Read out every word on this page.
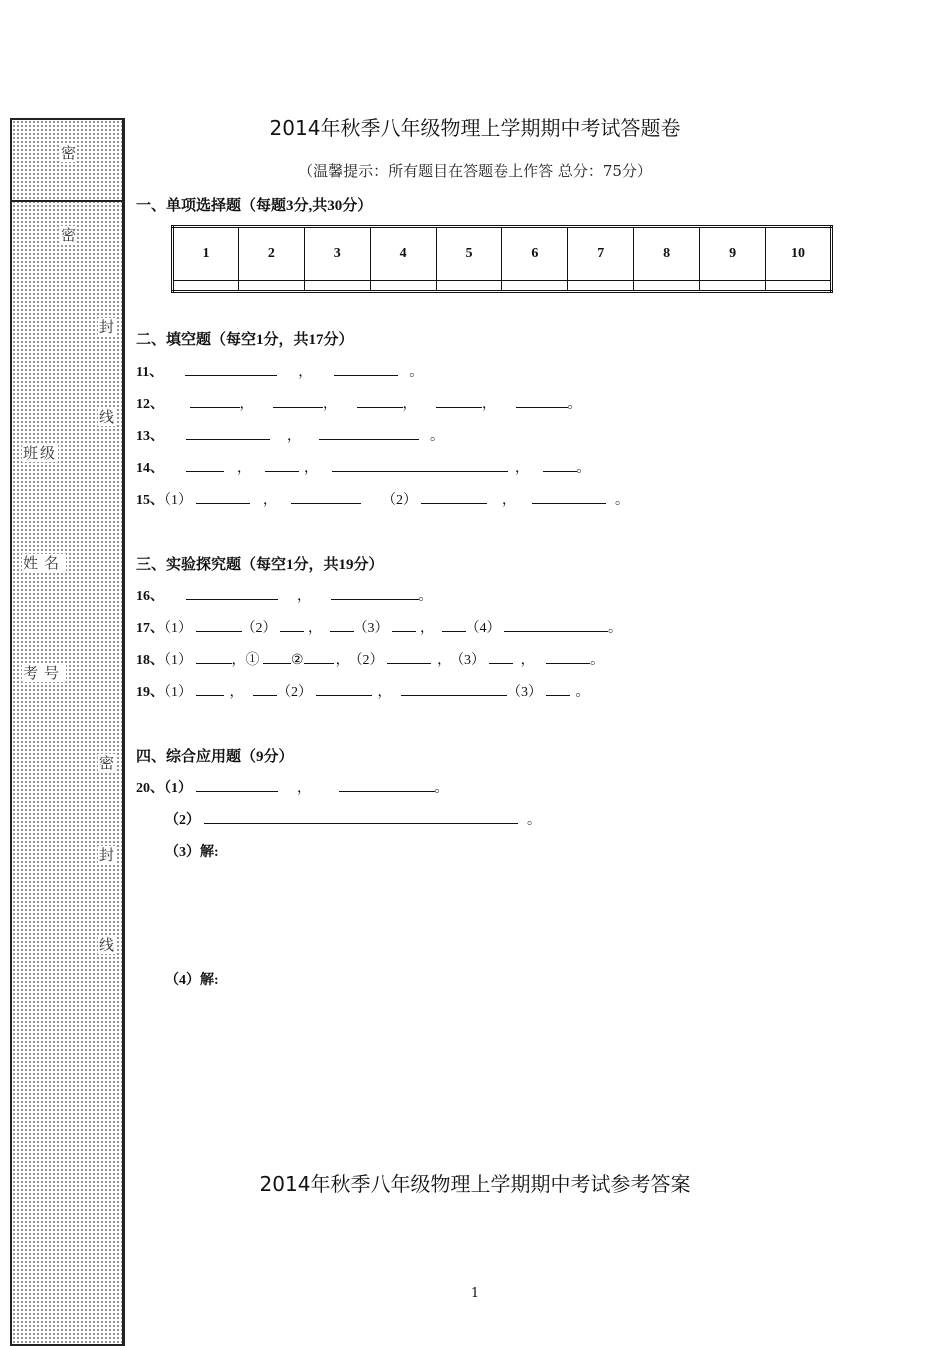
密
密
封
线
班级
姓名
考号
密
封
线
2014年秋季八年级物理上学期期中考试答题卷
（温馨提示：所有题目在答题卷上作答 总分：75分）
一、单项选择题（每题3分,共30分）
1	2	3	4	5	6	7	8	9	10

二、填空题（每空1分，共17分）
11、	，	。
12、	，	，	，	，	。
13、	，	。
14、	，	，	，	。
15、（1）	，	（2）	，	。
三、实验探究题（每空1分，共19分）
16、	，	。
17、（1）	（2） ， （3） ， （4）	。
18、（1）	，① ② ， （2）	， （3）	，	。
19、（1）	， （2）	，	（3） 。
四、综合应用题（9分）
20、（1）	，	。
（2）	。
（3）解:
（4）解:
2014年秋季八年级物理上学期期中考试参考答案
1
